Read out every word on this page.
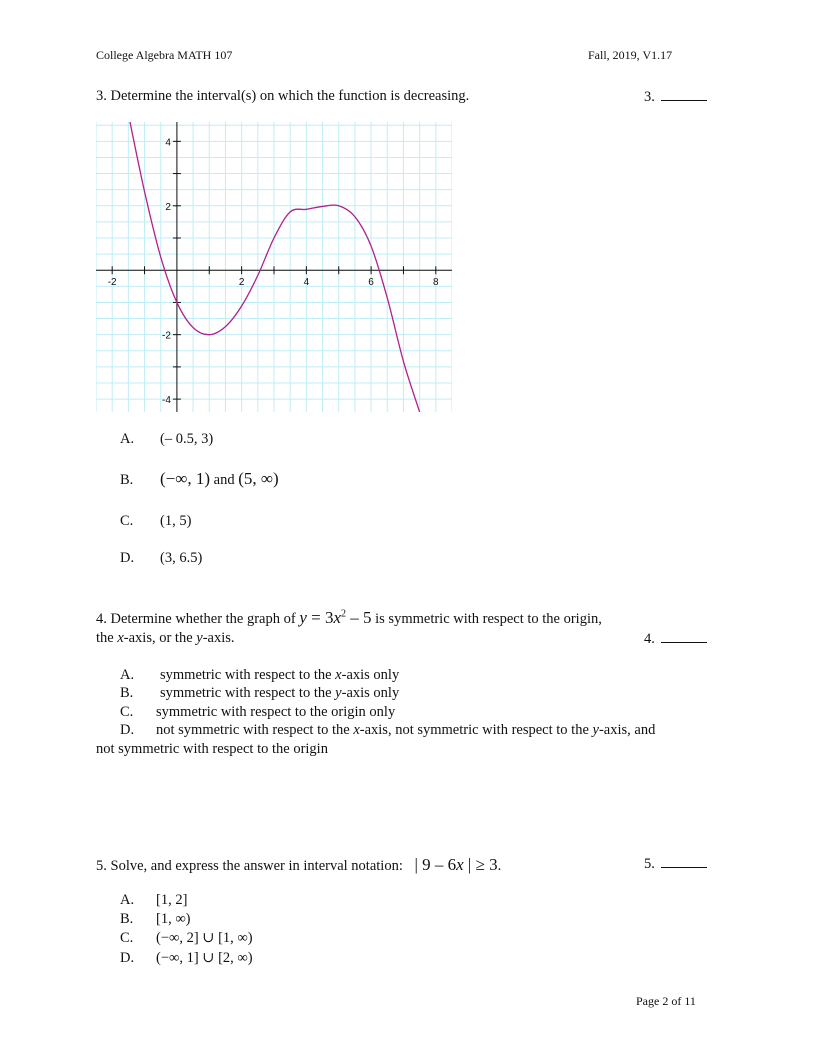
College Algebra MATH 107	Fall, 2019, V1.17
3. Determine the interval(s) on which the function is decreasing.	3.
-2	2	4	6	8
4
2
-2
-4
A. (– 0.5, 3)
B. (−∞, 1) and (5, ∞)
C. (1, 5)
D. (3, 6.5)
4. Determine whether the graph of $y = 3x^2 - 5$ is symmetric with respect to the origin,
the x-axis, or the y-axis.	4.
A. symmetric with respect to the x-axis only
B. symmetric with respect to the y-axis only
C. symmetric with respect to the origin only
D. not symmetric with respect to the x-axis, not symmetric with respect to the y-axis, and
not symmetric with respect to the origin
5. Solve, and express the answer in interval notation: | 9 – 6x | ≥ 3.	5.
A. [1, 2]
B. [1, ∞)
C. (−∞, 2] ∪ [1, ∞)
D. (−∞, 1] ∪ [2, ∞)
Page 2 of 11
